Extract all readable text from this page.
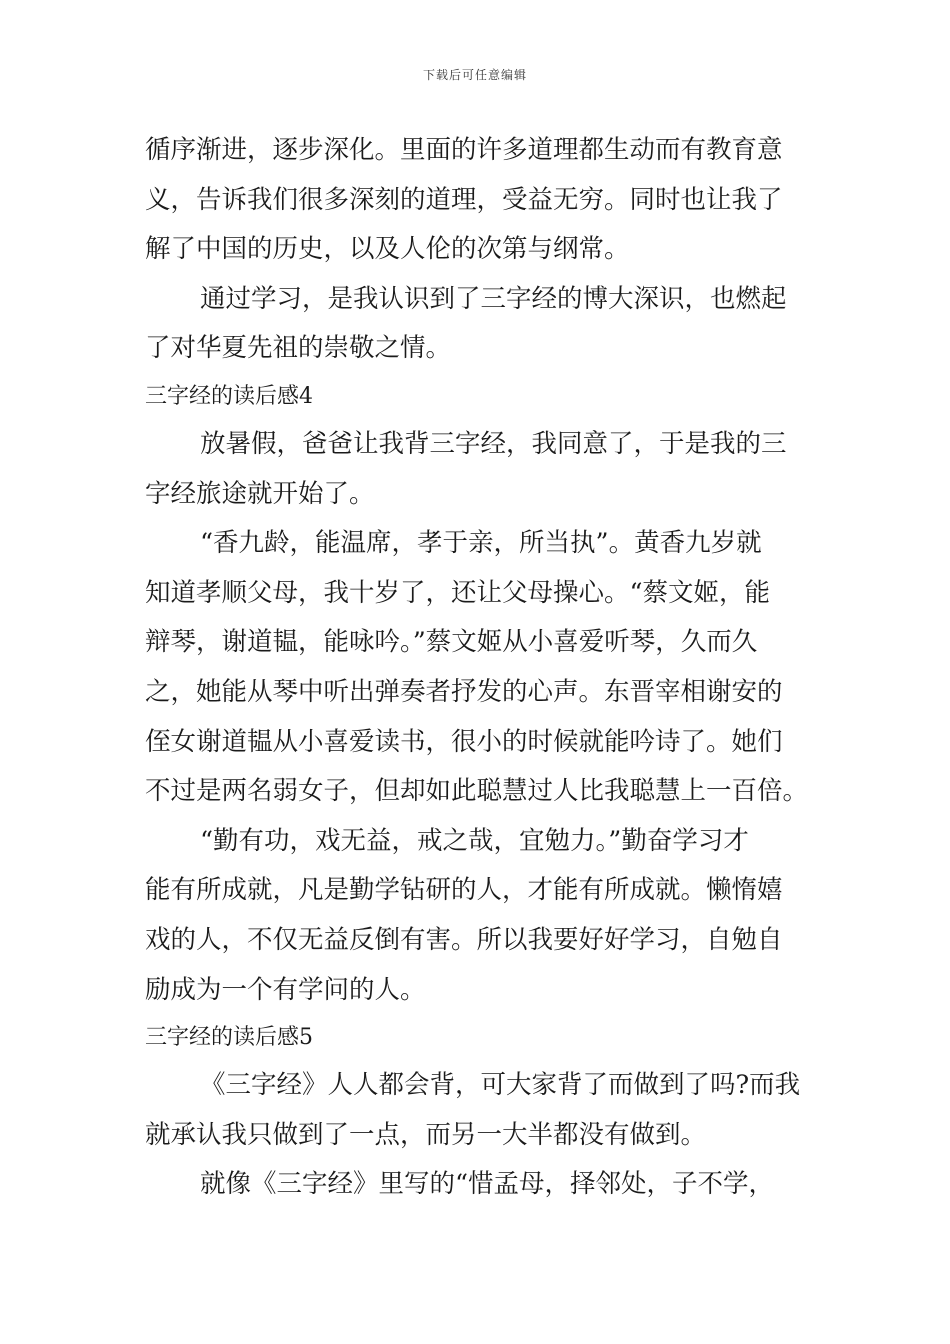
下载后可任意编辑
循序渐进，逐步深化。里面的许多道理都生动而有教育意
义，告诉我们很多深刻的道理，受益无穷。同时也让我了
解了中国的历史，以及人伦的次第与纲常。
通过学习，是我认识到了三字经的博大深识，也燃起
了对华夏先祖的崇敬之情。
三字经的读后感4
放暑假，爸爸让我背三字经，我同意了，于是我的三
字经旅途就开始了。
“香九龄，能温席，孝于亲，所当执”。黄香九岁就
知道孝顺父母，我十岁了，还让父母操心。“蔡文姬，能
辩琴，谢道韫，能咏吟。”蔡文姬从小喜爱听琴，久而久
之，她能从琴中听出弹奏者抒发的心声。东晋宰相谢安的
侄女谢道韫从小喜爱读书，很小的时候就能吟诗了。她们
不过是两名弱女子，但却如此聪慧过人比我聪慧上一百倍。
“勤有功，戏无益，戒之哉，宜勉力。”勤奋学习才
能有所成就，凡是勤学钻研的人，才能有所成就。懒惰嬉
戏的人，不仅无益反倒有害。所以我要好好学习，自勉自
励成为一个有学问的人。
三字经的读后感5
《三字经》人人都会背，可大家背了而做到了吗?而我
就承认我只做到了一点，而另一大半都没有做到。
就像《三字经》里写的“惜孟母，择邻处，子不学，
